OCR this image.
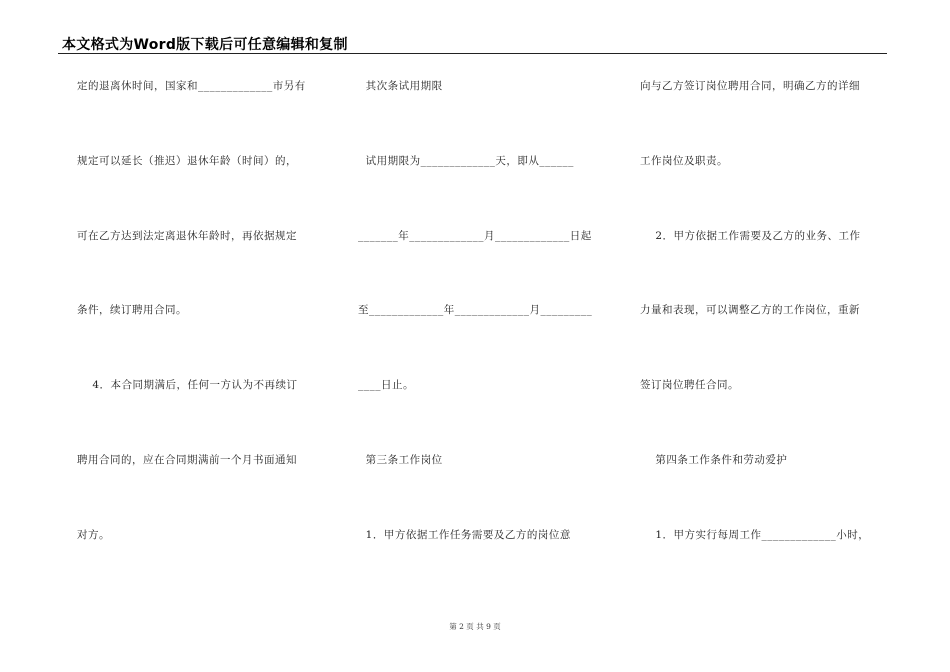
本文格式为Word版下载后可任意编辑和复制
定的退离休时间，国家和_____________市另有
规定可以延长（推迟）退休年龄（时间）的，
可在乙方达到法定离退休年龄时，再依据规定
条件，续订聘用合同。
4．本合同期满后，任何一方认为不再续订
聘用合同的，应在合同期满前一个月书面通知
对方。
其次条试用期限
试用期限为_____________天，即从______
_______年_____________月_____________日起
至_____________年_____________月_________
____日止。
第三条工作岗位
1．甲方依据工作任务需要及乙方的岗位意
向与乙方签订岗位聘用合同，明确乙方的详细
工作岗位及职责。
2．甲方依据工作需要及乙方的业务、工作
力量和表现，可以调整乙方的工作岗位，重新
签订岗位聘任合同。
第四条工作条件和劳动爱护
1．甲方实行每周工作_____________小时，
第 2 页 共 9 页
